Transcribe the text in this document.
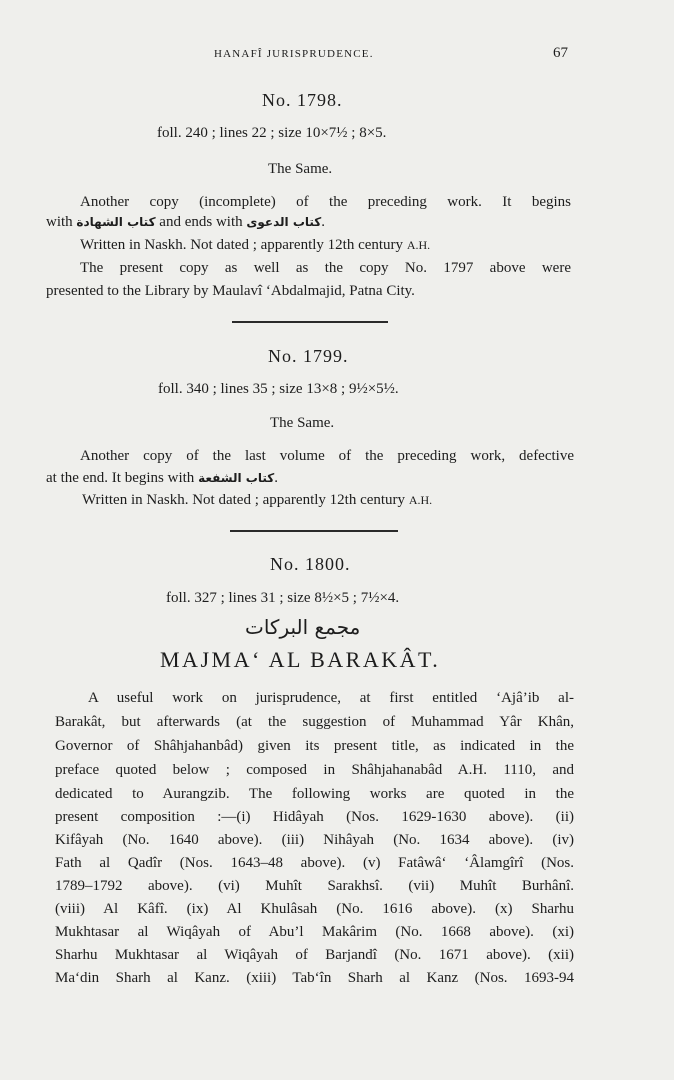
HANAFÎ JURISPRUDENCE.	67
No. 1798.
foll. 240 ; lines 22 ; size 10×7½ ; 8×5.
The Same.
Another copy (incomplete) of the preceding work. It begins
with كتاب الشهادة and ends with كتاب الدعوى.
Written in Naskh. Not dated ; apparently 12th century A.H.
The present copy as well as the copy No. 1797 above were
presented to the Library by Maulavî ‘Abdalmajid, Patna City.
No. 1799.
foll. 340 ; lines 35 ; size 13×8 ; 9½×5½.
The Same.
Another copy of the last volume of the preceding work, defective
at the end. It begins with كتاب الشفعة.
Written in Naskh. Not dated ; apparently 12th century A.H.
No. 1800.
foll. 327 ; lines 31 ; size 8½×5 ; 7½×4.
مجمع البركات
MAJMA‘ AL BARAKÂT.
A useful work on jurisprudence, at first entitled ‘Ajâ’ib al-
Barakât, but afterwards (at the suggestion of Muhammad Yâr Khân,
Governor of Shâhjahanbâd) given its present title, as indicated in the
preface quoted below ; composed in Shâhjahanabâd A.H. 1110, and
dedicated to Aurangzib. The following works are quoted in the
present composition :—(i) Hidâyah (Nos. 1629-1630 above). (ii)
Kifâyah (No. 1640 above). (iii) Nihâyah (No. 1634 above). (iv)
Fath al Qadîr (Nos. 1643–48 above). (v) Fatâwâ‘ ‘Âlamgîrî (Nos.
1789–1792 above). (vi) Muhît Sarakhsî. (vii) Muhît Burhânî.
(viii) Al Kâfî. (ix) Al Khulâsah (No. 1616 above). (x) Sharhu
Mukhtasar al Wiqâyah of Abu’l Makârim (No. 1668 above). (xi)
Sharhu Mukhtasar al Wiqâyah of Barjandî (No. 1671 above). (xii)
Ma‘din Sharh al Kanz. (xiii) Tab‘în Sharh al Kanz (Nos. 1693-94
